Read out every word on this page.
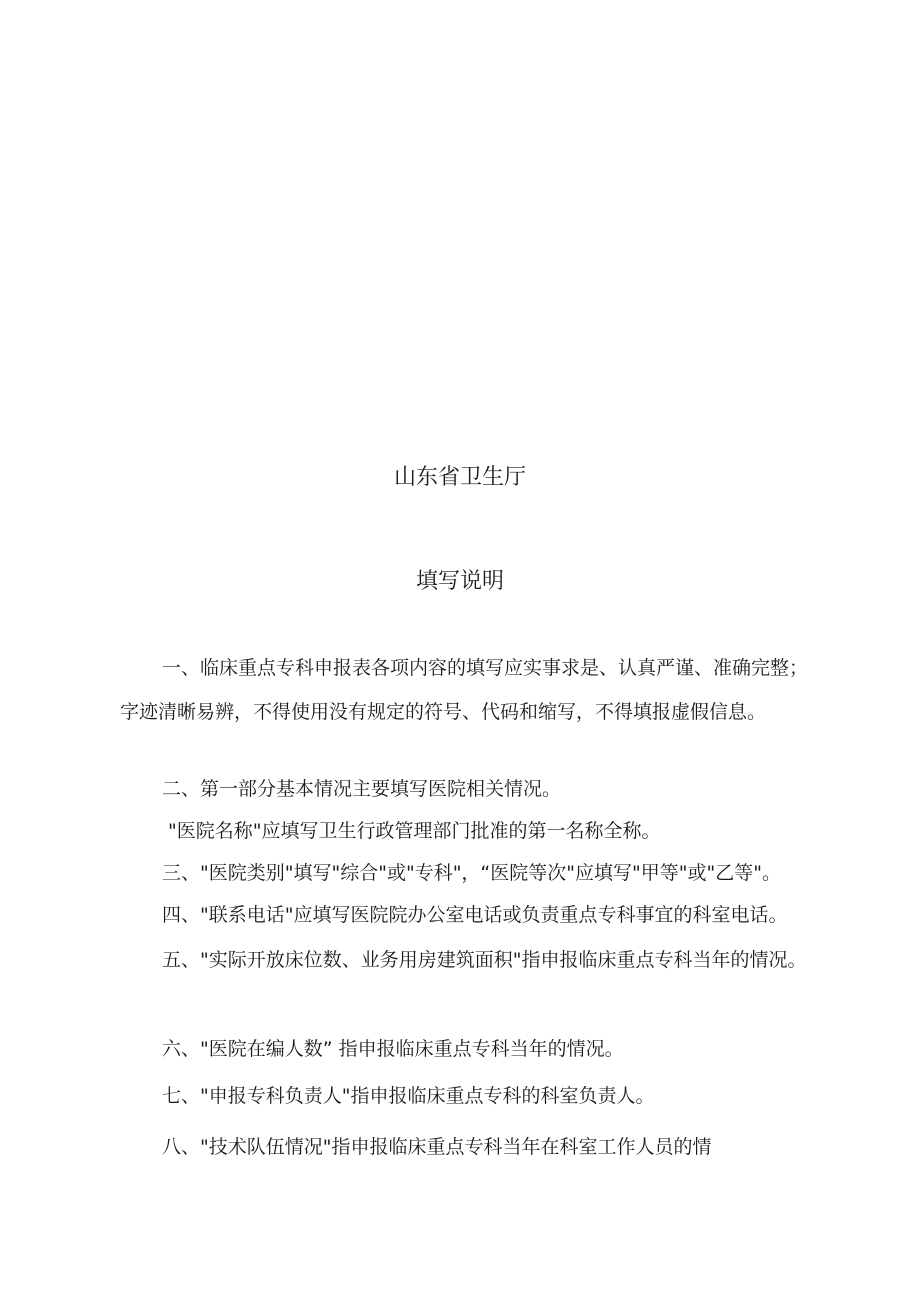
山东省卫生厅
填写说明

一、临床重点专科申报表各项内容的填写应实事求是、认真严谨、准确完整；字迹清晰易辨，不得使用没有规定的符号、代码和缩写，不得填报虚假信息。

二、第一部分基本情况主要填写医院相关情况。

"医院名称"应填写卫生行政管理部门批准的第一名称全称。

三、"医院类别"填写"综合"或"专科"，“医院等次"应填写"甲等"或"乙等"。

四、"联系电话"应填写医院院办公室电话或负责重点专科事宜的科室电话。

五、"实际开放床位数、业务用房建筑面积"指申报临床重点专科当年的情况。

六、"医院在编人数” 指申报临床重点专科当年的情况。

七、"申报专科负责人"指申报临床重点专科的科室负责人。

八、"技术队伍情况"指申报临床重点专科当年在科室工作人员的情
